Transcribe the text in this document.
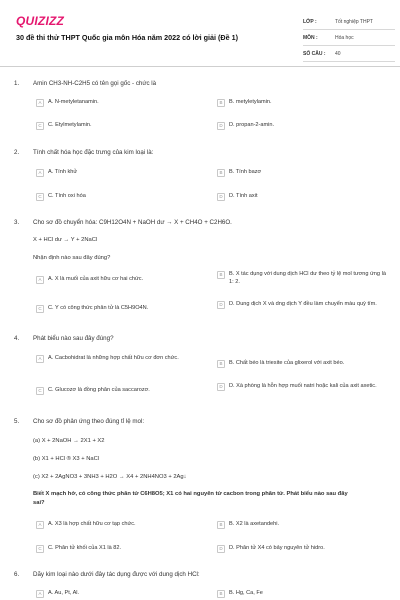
QUIZIZZ
30 đề thi thử THPT Quốc gia môn Hóa năm 2022 có lời giải (Đề 1)
LỚP :	Tốt nghiệp THPT
MÔN :	Hóa học
SỐ CÂU :	40
1. Amin CH3-NH-C2H5 có tên gọi gốc - chức là
A	A. N-metyletanamin.	B	B. metyletylamin.
C	C. Etylmetylamin.	D	D. propan-2-amin.
2. Tính chất hóa học đặc trưng của kim loại là:
A	A. Tính khử	B	B. Tính bazơ
C	C. Tính oxi hóa	D	D. Tính axit
3. Cho sơ đồ chuyển hóa: C9H12O4N + NaOH dư → X + CH4O + C2H6O.
X + HCl dư → Y + 2NaCl
Nhận định nào sau đây đúng?
A	A. X là muối của axit hữu cơ hai chức.
B	B. X tác dụng với dung dịch HCl dư theo tỷ lệ mol tương ứng là 1: 2.
C	C. Y có công thức phân tử là C5H9O4N.
D	D. Dung dịch X và dng dịch Y đều làm chuyển màu quỳ tím.
4. Phát biểu nào sau đây đúng?
A	A. Cacbohidrat là những hợp chất hữu cơ đơn chức.
B	B. Chất béo là triesite của glixerol với axit béo.
C	C. Glucozơ là đồng phân của saccarozơ.
D	D. Xà phòng là hỗn hợp muối natri hoặc kali của axit axetic.
5. Cho sơ đồ phản ứng theo đúng tỉ lệ mol:
(a) X + 2NaOH → 2X1 + X2
(b) X1 + HCl ® X3 + NaCl
(c) X2 + 2AgNO3 + 3NH3 + H2O → X4 + 2NH4NO3 + 2Ag↓
Biết X mạch hở, có công thức phân tử C6H8O5; X1 có hai nguyên tử cacbon trong phân tử. Phát biểu nào sau đây
sai?
A	A. X3 là hợp chất hữu cơ tạp chức.	B	B. X2 là axetandehi.
C	C. Phân tử khối của X1 là 82.	D	D. Phân tử X4 có bảy nguyên tử hidro.
6. Dãy kim loại nào dưới đây tác dụng được với dung dịch HCl:
A	A. Au, Pt, Al.	B	B. Hg, Ca, Fe
